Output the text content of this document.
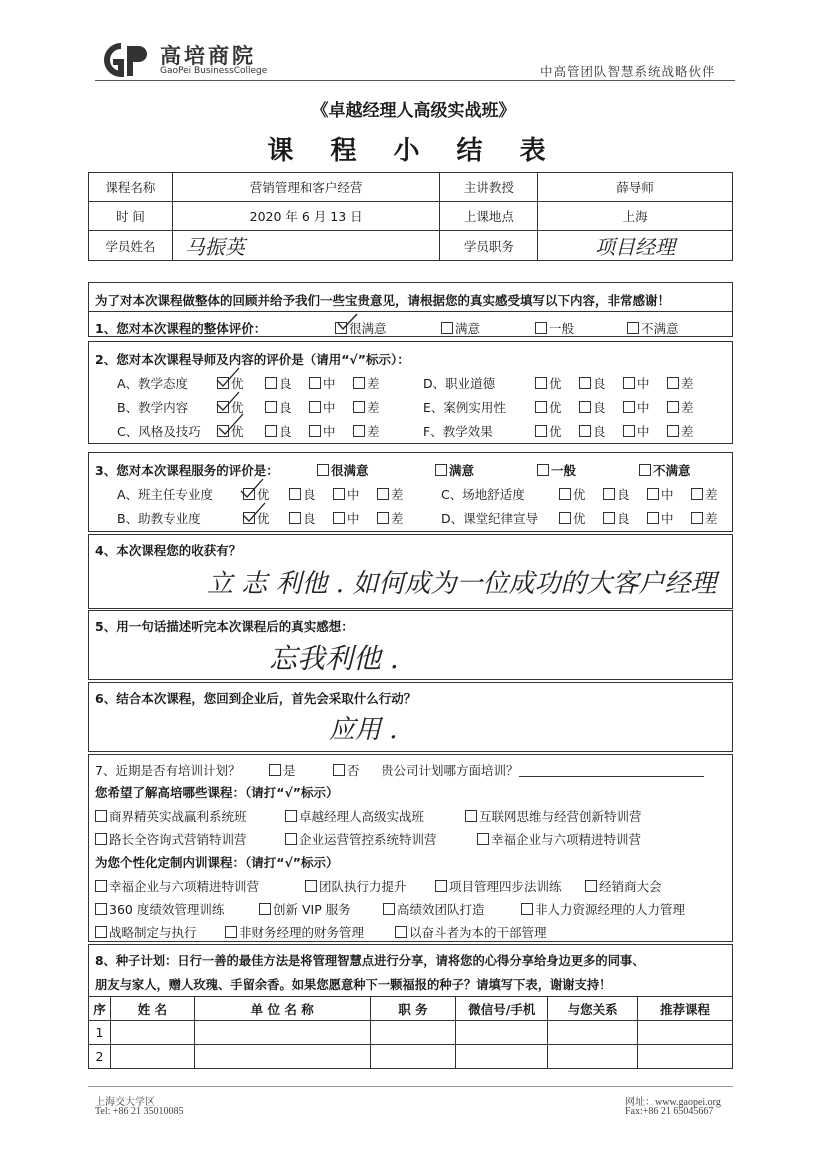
高培商院
GaoPei BusinessCollege	中高管团队智慧系统战略伙伴
《卓越经理人高级实战班》
课 程 小 结 表
课程名称	营销管理和客户经营	主讲教授	薛导师
时 间	2020 年 6 月 13 日	上课地点	上海
学员姓名	马振英	学员职务	项目经理
为了对本次课程做整体的回顾并给予我们一些宝贵意见，请根据您的真实感受填写以下内容，非常感谢！
1、您对本次课程的整体评价：	很满意	满意	一般	不满意
2、您对本次课程导师及内容的评价是（请用“√”标示）：
A、教学态度	优	良	中	差	D、职业道德	优	良	中	差
B、教学内容	优	良	中	差	E、案例实用性	优	良	中	差
C、风格及技巧	优	良	中	差	F、教学效果	优	良	中	差
3、您对本次课程服务的评价是：	很满意	满意	一般	不满意
A、班主任专业度	优	良	中	差	C、场地舒适度	优	良	中	差
B、助教专业度	优	良	中	差	D、课堂纪律宣导	优	良	中	差
4、本次课程您的收获有？
立 志 利他 . 如何成为一位成功的大客户经理
5、用一句话描述听完本次课程后的真实感想：
忘我利他 .
6、结合本次课程，您回到企业后，首先会采取什么行动？
应用 .
7、近期是否有培训计划？	是	否 贵公司计划哪方面培训？
您希望了解高培哪些课程：（请打“√”标示）
商界精英实战赢利系统班	卓越经理人高级实战班	互联网思维与经营创新特训营
路长全咨询式营销特训营	企业运营管控系统特训营	幸福企业与六项精进特训营
为您个性化定制内训课程：（请打“√”标示）
幸福企业与六项精进特训营	团队执行力提升	项目管理四步法训练	经销商大会
360 度绩效管理训练	创新 VIP 服务	高绩效团队打造	非人力资源经理的人力管理
战略制定与执行	非财务经理的财务管理	以奋斗者为本的干部管理
8、种子计划：日行一善的最佳方法是将管理智慧点进行分享，请将您的心得分享给身边更多的同事、
朋友与家人，赠人玫瑰、手留余香。如果您愿意种下一颗福报的种子？请填写下表，谢谢支持！
序	姓 名	单 位 名 称	职 务	微信号/手机	与您关系	推荐课程
1						
2						
上海交大学区
Tel: +86 21 35010085
网址：www.gaopei.org
Fax:+86 21 65045667
